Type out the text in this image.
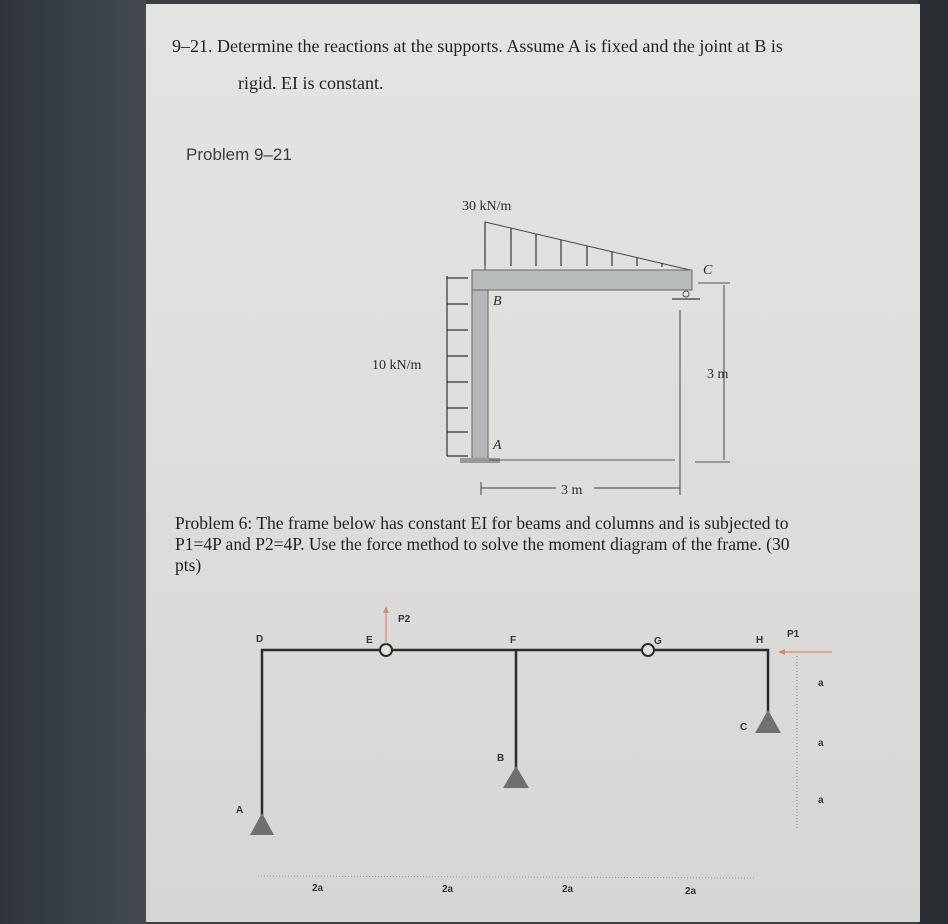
9–21. Determine the reactions at the supports. Assume A is fixed and the joint at B is
rigid. EI is constant.
Problem 9–21
30 kN/m
10 kN/m
B
C
A
3 m
3 m
P2
P1
D	E	F	G	H
A
B
C
a
a
a
2a	2a	2a	2a
Problem 6: The frame below has constant EI for beams and columns and is subjected to
P1=4P and P2=4P. Use the force method to solve the moment diagram of the frame. (30
pts)
